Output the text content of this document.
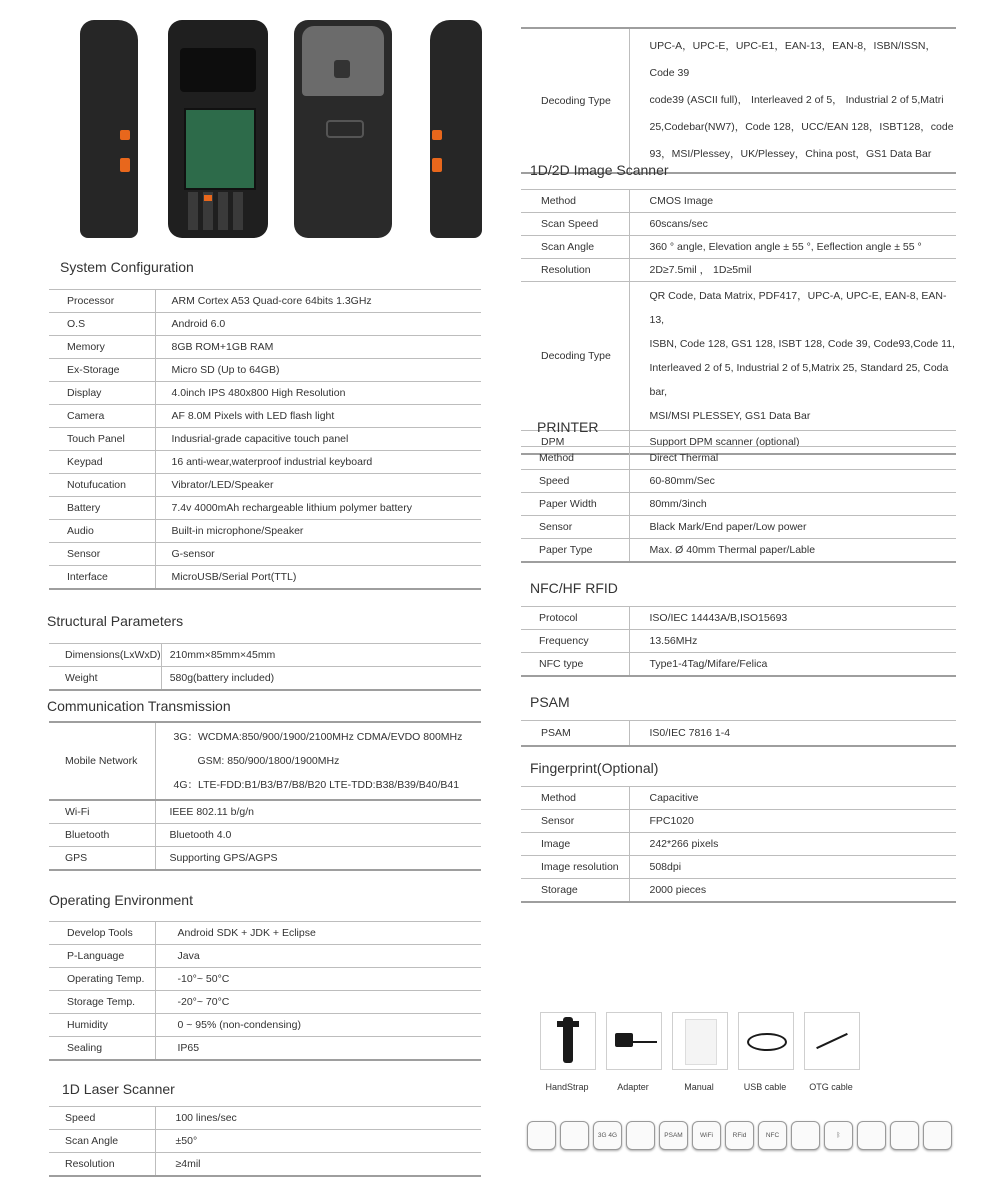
System Configuration
Processor	ARM Cortex A53 Quad-core 64bits 1.3GHz
O.S	Android 6.0
Memory	8GB ROM+1GB RAM
Ex-Storage	Micro SD (Up to 64GB)
Display	4.0inch IPS 480x800 High Resolution
Camera	AF 8.0M Pixels with LED flash light
Touch Panel	Indusrial-grade capacitive touch panel
Keypad	16 anti-wear,waterproof industrial keyboard
Notufucation	Vibrator/LED/Speaker
Battery	7.4v 4000mAh rechargeable lithium polymer battery
Audio	Built-in microphone/Speaker
Sensor	G-sensor
Interface	MicroUSB/Serial Port(TTL)
Structural Parameters
Dimensions(LxWxD)	210mm×85mm×45mm
Weight	580g(battery included)
Communication Transmission
Mobile Network	3G：WCDMA:850/900/1900/2100MHz CDMA/EVDO 800MHz
GSM: 850/900/1800/1900MHz
4G：LTE-FDD:B1/B3/B7/B8/B20 LTE-TDD:B38/B39/B40/B41

Wi-Fi	IEEE 802.11 b/g/n
Bluetooth	Bluetooth 4.0
GPS	Supporting GPS/AGPS
Operating Environment
Develop Tools	Android SDK + JDK + Eclipse
P-Language	Java
Operating Temp.	-10°~ 50°C
Storage Temp.	-20°~ 70°C
Humidity	0 ~ 95% (non-condensing)
Sealing	IP65
1D Laser Scanner
Speed	100 lines/sec
Scan Angle	±50°
Resolution	≥4mil
Decoding Type	
UPC-A，UPC-E，UPC-E1，EAN-13，EAN-8，ISBN/ISSN，Code 39
code39 (ASCII full)， Interleaved 2 of 5， Industrial 2 of 5,Matri
25,Codebar(NW7)，Code 128，UCC/EAN 128，ISBT128，code
93，MSI/Plessey，UK/Plessey，China post，GS1 Data Bar
1D/2D Image Scanner
Method	CMOS Image
Scan Speed	60scans/sec
Scan Angle	360 ° angle, Elevation angle ± 55 °, Eeflection angle ± 55 °
Resolution	2D≥7.5mil ， 1D≥5mil
Decoding Type	QR Code, Data Matrix, PDF417，UPC-A, UPC-E, EAN-8, EAN-13,
ISBN, Code 128, GS1 128, ISBT 128, Code 39, Code93,Code 11,
Interleaved 2 of 5, Industrial 2 of 5,Matrix 25, Standard 25, Coda bar,
MSI/MSI PLESSEY, GS1 Data Bar

DPM	Support DPM scanner (optional)
PRINTER
Method	Direct Thermal
Speed	60-80mm/Sec
Paper Width	80mm/3inch
Sensor	Black Mark/End paper/Low power
Paper Type	Max. Ø 40mm Thermal paper/Lable
NFC/HF RFID
Protocol	ISO/IEC 14443A/B,ISO15693
Frequency	13.56MHz
NFC type	Type1-4Tag/Mifare/Felica
PSAM
PSAM	IS0/IEC 7816 1-4
Fingerprint(Optional)
Method	Capacitive
Sensor	FPC1020
Image	242*266 pixels
Image resolution	508dpi
Storage	2000 pieces
HandStrap	Adapter	Manual	USB cable	OTG cable
3G 4G	PSAM	WiFi	RFid	NFC	ᛒ
